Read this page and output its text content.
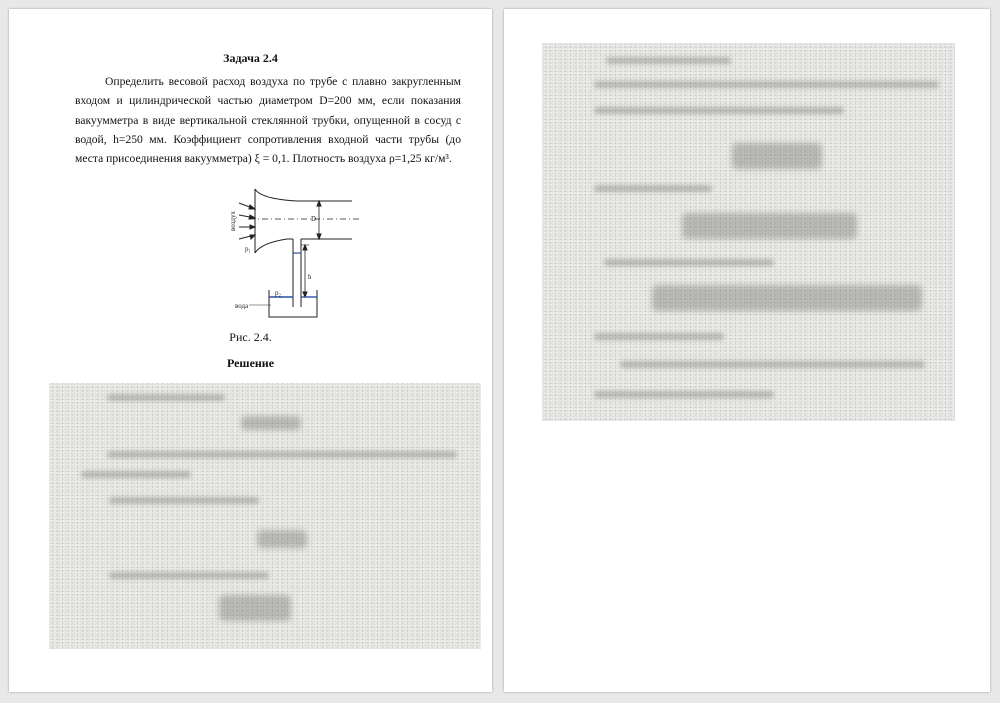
Задача 2.4

Определить весовой расход воздуха по трубе с плавно закругленным входом и цилиндрической частью диаметром D=200 мм, если показания вакуумметра в виде вертикальной стеклянной трубки, опущенной в сосуд с водой, h=250 мм. Коэффициент сопротивления входной части трубы (до места присоединения вакуумметра) ξ = 0,1. Плотность воздуха ρ=1,25 кг/м³.

воздух
p₁
D
h
p₂
вода
Рис. 2.4.
Решение
